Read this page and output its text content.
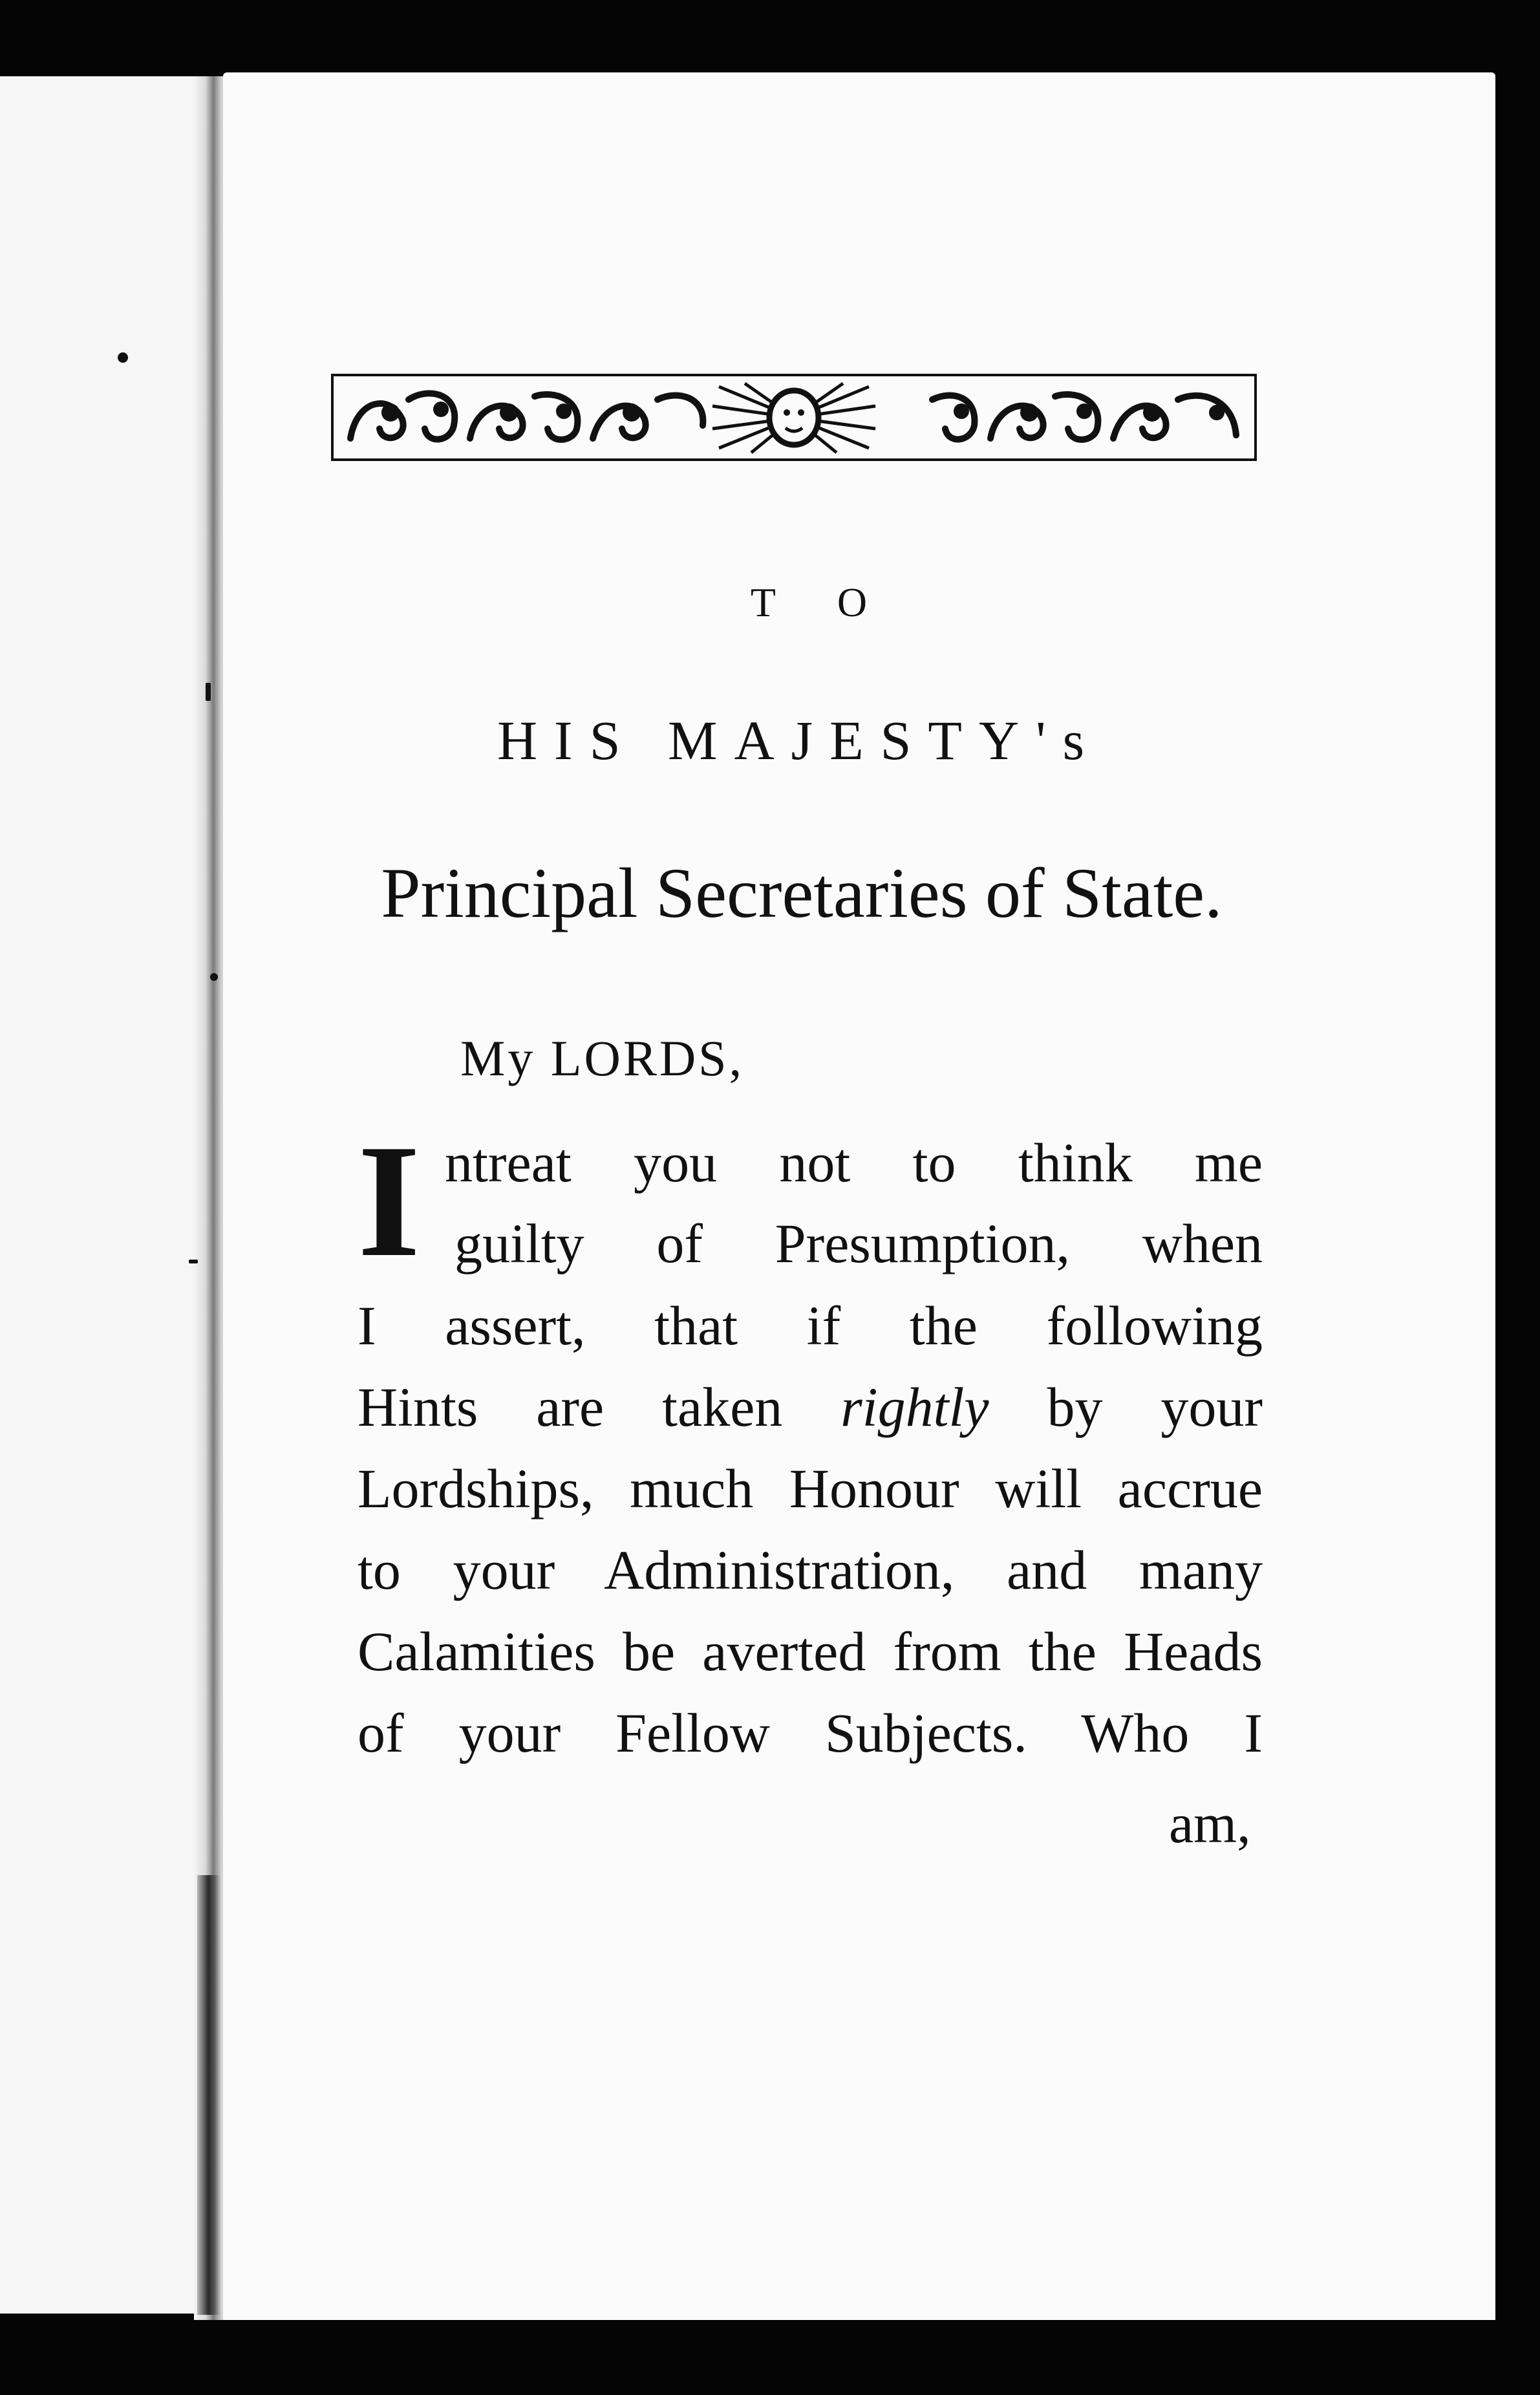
T O
HIS MAJESTY's
Principal Secretaries of State.
My LORDS,
I ntreat you not to think me
guilty of Presumption, when
I assert, that if the following
Hints are taken rightly by your
Lordships, much Honour will accrue
to your Administration, and many
Calamities be averted from the Heads
of your Fellow Subjects. Who I
am,
